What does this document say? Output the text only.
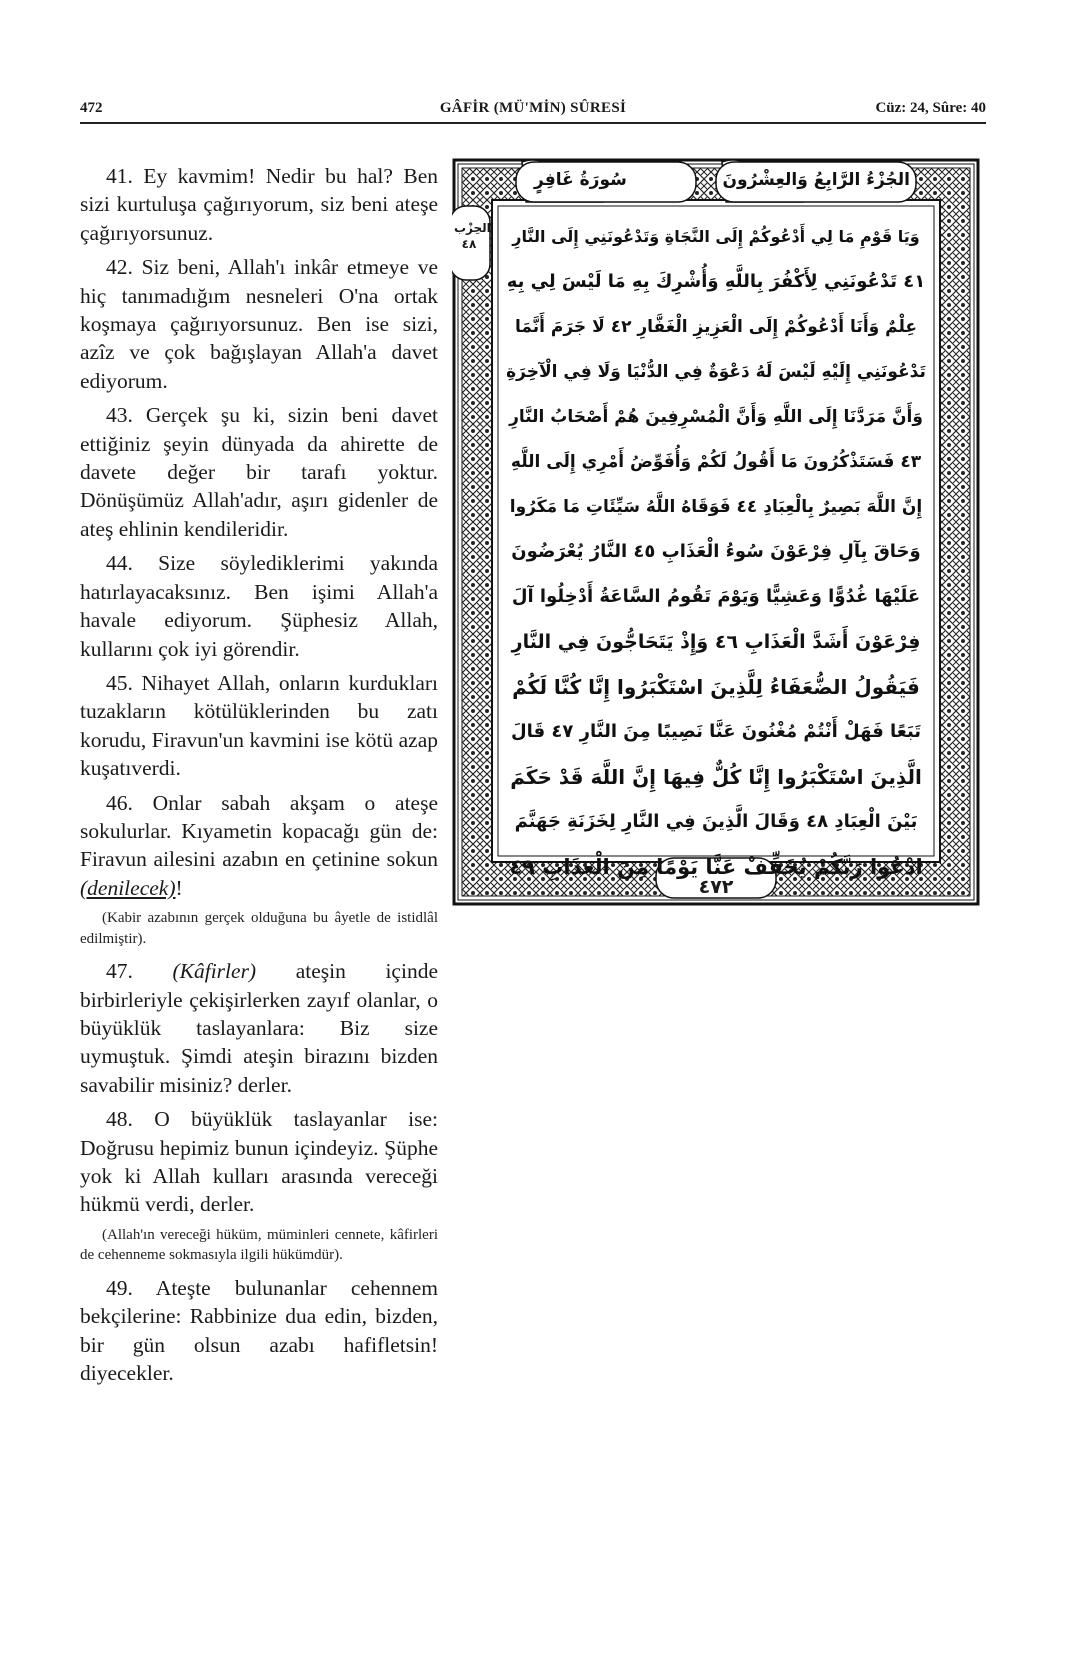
472	GÂFİR (MÜ'MİN) SÛRESİ	Cüz: 24, Sûre: 40

41. Ey kavmim! Nedir bu hal? Ben sizi kurtuluşa çağırıyorum, siz beni ateşe çağırıyorsunuz.

42. Siz beni, Allah'ı inkâr etmeye ve hiç tanımadığım nesneleri O'na ortak koşmaya çağırıyorsunuz. Ben ise sizi, azîz ve çok bağışlayan Allah'a davet ediyorum.

43. Gerçek şu ki, sizin beni davet ettiğiniz şeyin dünyada da ahirette de davete değer bir tarafı yoktur. Dönüşümüz Allah'adır, aşırı gidenler de ateş ehlinin kendileridir.

44. Size söylediklerimi yakında hatırlayacaksınız. Ben işimi Allah'a havale ediyorum. Şüphesiz Allah, kullarını çok iyi görendir.

45. Nihayet Allah, onların kurdukları tuzakların kötülüklerinden bu zatı korudu, Firavun'un kavmini ise kötü azap kuşatıverdi.

46. Onlar sabah akşam o ateşe sokulurlar. Kıyametin kopacağı gün de: Firavun ailesini azabın en çetinine sokun (denilecek)!

(Kabir azabının gerçek olduğuna bu âyetle de istidlâl edilmiştir).

47. (Kâfirler) ateşin içinde birbirleriyle çekişirlerken zayıf olanlar, o büyüklük taslayanlara: Biz size uymuştuk. Şimdi ateşin birazını bizden savabilir misiniz? derler.

48. O büyüklük taslayanlar ise: Doğrusu hepimiz bunun içindeyiz. Şüphe yok ki Allah kulları arasında vereceği hükmü verdi, derler.

(Allah'ın vereceği hüküm, müminleri cennete, kâfirleri de cehenneme sokmasıyla ilgili hükümdür).

49. Ateşte bulunanlar cehennem bekçilerine: Rabbinize dua edin, bizden, bir gün olsun azabı hafifletsin! diyecekler.

سُورَةُ غَافِرٍ	الجُزْءُ الرَّابِعُ وَالعِشْرُونَ
الحِزْب ٤٨	وَيَا قَوْمِ مَا لِي أَدْعُوكُمْ إِلَى النَّجَاةِ وَتَدْعُونَنِي إِلَى النَّارِ
٤١ تَدْعُونَنِي لِأَكْفُرَ بِاللَّهِ وَأُشْرِكَ بِهِ مَا لَيْسَ لِي بِهِ
عِلْمٌ وَأَنَا أَدْعُوكُمْ إِلَى الْعَزِيزِ الْغَفَّارِ ٤٢ لَا جَرَمَ أَنَّمَا
تَدْعُونَنِي إِلَيْهِ لَيْسَ لَهُ دَعْوَةٌ فِي الدُّنْيَا وَلَا فِي الْآخِرَةِ
وَأَنَّ مَرَدَّنَا إِلَى اللَّهِ وَأَنَّ الْمُسْرِفِينَ هُمْ أَصْحَابُ النَّارِ
٤٣ فَسَتَذْكُرُونَ مَا أَقُولُ لَكُمْ وَأُفَوِّضُ أَمْرِي إِلَى اللَّهِ
إِنَّ اللَّهَ بَصِيرٌ بِالْعِبَادِ ٤٤ فَوَقَاهُ اللَّهُ سَيِّئَاتِ مَا مَكَرُوا
وَحَاقَ بِآلِ فِرْعَوْنَ سُوءُ الْعَذَابِ ٤٥ النَّارُ يُعْرَضُونَ
عَلَيْهَا غُدُوًّا وَعَشِيًّا وَيَوْمَ تَقُومُ السَّاعَةُ أَدْخِلُوا آلَ
فِرْعَوْنَ أَشَدَّ الْعَذَابِ ٤٦ وَإِذْ يَتَحَاجُّونَ فِي النَّارِ
فَيَقُولُ الضُّعَفَاءُ لِلَّذِينَ اسْتَكْبَرُوا إِنَّا كُنَّا لَكُمْ
تَبَعًا فَهَلْ أَنْتُمْ مُغْنُونَ عَنَّا نَصِيبًا مِنَ النَّارِ ٤٧ قَالَ
الَّذِينَ اسْتَكْبَرُوا إِنَّا كُلٌّ فِيهَا إِنَّ اللَّهَ قَدْ حَكَمَ
بَيْنَ الْعِبَادِ ٤٨ وَقَالَ الَّذِينَ فِي النَّارِ لِخَزَنَةِ جَهَنَّمَ
ادْعُوا رَبَّكُمْ يُخَفِّفْ عَنَّا يَوْمًا مِنَ الْعَذَابِ ٤٩
٤٧٢
